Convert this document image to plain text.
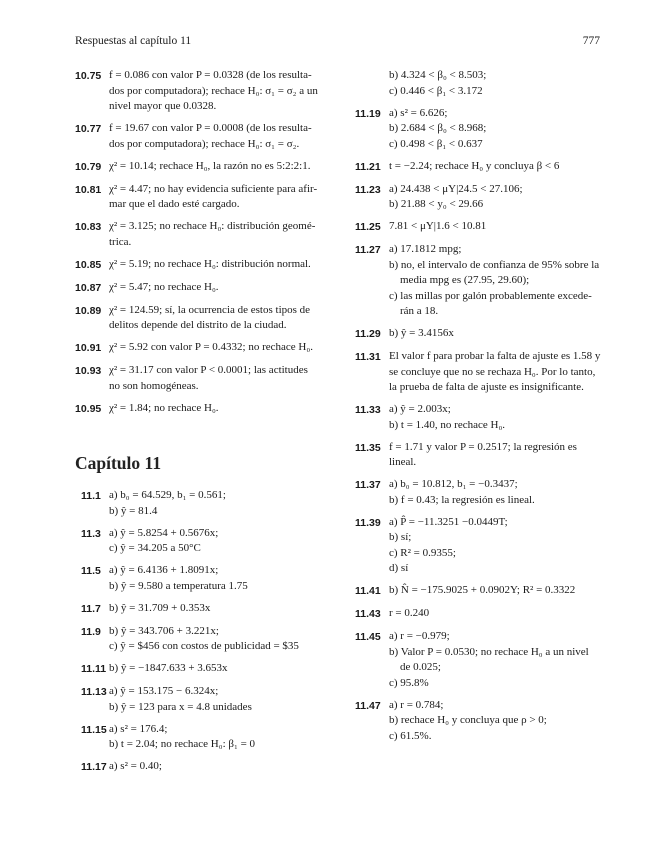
Respuestas al capítulo 11	777
10.75 f = 0.086 con valor P = 0.0328 (de los resulta-
dos por computadora); rechace H₀: σ₁ = σ₂ a un
nivel mayor que 0.0328.
10.77 f = 19.67 con valor P = 0.0008 (de los resulta-
dos por computadora); rechace H₀: σ₁ = σ₂.
10.79 χ² = 10.14; rechace H₀, la razón no es 5:2:2:1.
10.81 χ² = 4.47; no hay evidencia suficiente para afir-
mar que el dado esté cargado.
10.83 χ² = 3.125; no rechace H₀: distribución geomé-
trica.
10.85 χ² = 5.19; no rechace H₀: distribución normal.
10.87 χ² = 5.47; no rechace H₀.
10.89 χ² = 124.59; sí, la ocurrencia de estos tipos de
delitos depende del distrito de la ciudad.
10.91 χ² = 5.92 con valor P = 0.4332; no rechace H₀.
10.93 χ² = 31.17 con valor P < 0.0001; las actitudes
no son homogéneas.
10.95 χ² = 1.84; no rechace H₀.
Capítulo 11
11.1 a) b₀ = 64.529, b₁ = 0.561;
b) ŷ = 81.4
11.3 a) ŷ = 5.8254 + 0.5676x;
c) ŷ = 34.205 a 50°C
11.5 a) ŷ = 6.4136 + 1.8091x;
b) ŷ = 9.580 a temperatura 1.75
11.7 b) ŷ = 31.709 + 0.353x
11.9 b) ŷ = 343.706 + 3.221x;
c) ŷ = $456 con costos de publicidad = $35
11.11 b) ŷ = −1847.633 + 3.653x
11.13 a) ŷ = 153.175 − 6.324x;
b) ŷ = 123 para x = 4.8 unidades
11.15 a) s² = 176.4;
b) t = 2.04; no rechace H₀: β₁ = 0
11.17 a) s² = 0.40;
b) 4.324 < β₀ < 8.503;
c) 0.446 < β₁ < 3.172
11.19 a) s² = 6.626;
b) 2.684 < β₀ < 8.968;
c) 0.498 < β₁ < 0.637
11.21 t = −2.24; rechace H₀ y concluya β < 6
11.23 a) 24.438 < μY|24.5 < 27.106;
b) 21.88 < y₀ < 29.66
11.25 7.81 < μY|1.6 < 10.81
11.27 a) 17.1812 mpg;
b) no, el intervalo de confianza de 95% sobre la
media mpg es (27.95, 29.60);
c) las millas por galón probablemente excede-
rán a 18.
11.29 b) ŷ = 3.4156x
11.31 El valor f para probar la falta de ajuste es 1.58 y
se concluye que no se rechaza H₀. Por lo tanto,
la prueba de falta de ajuste es insignificante.
11.33 a) ŷ = 2.003x;
b) t = 1.40, no rechace H₀.
11.35 f = 1.71 y valor P = 0.2517; la regresión es
lineal.
11.37 a) b₀ = 10.812, b₁ = −0.3437;
b) f = 0.43; la regresión es lineal.
11.39 a) P̂ = −11.3251 −0.0449T;
b) sí;
c) R² = 0.9355;
d) sí
11.41 b) N̂ = −175.9025 + 0.0902Y; R² = 0.3322
11.43 r = 0.240
11.45 a) r = −0.979;
b) Valor P = 0.0530; no rechace H₀ a un nivel
de 0.025;
c) 95.8%
11.47 a) r = 0.784;
b) rechace H₀ y concluya que ρ > 0;
c) 61.5%.
